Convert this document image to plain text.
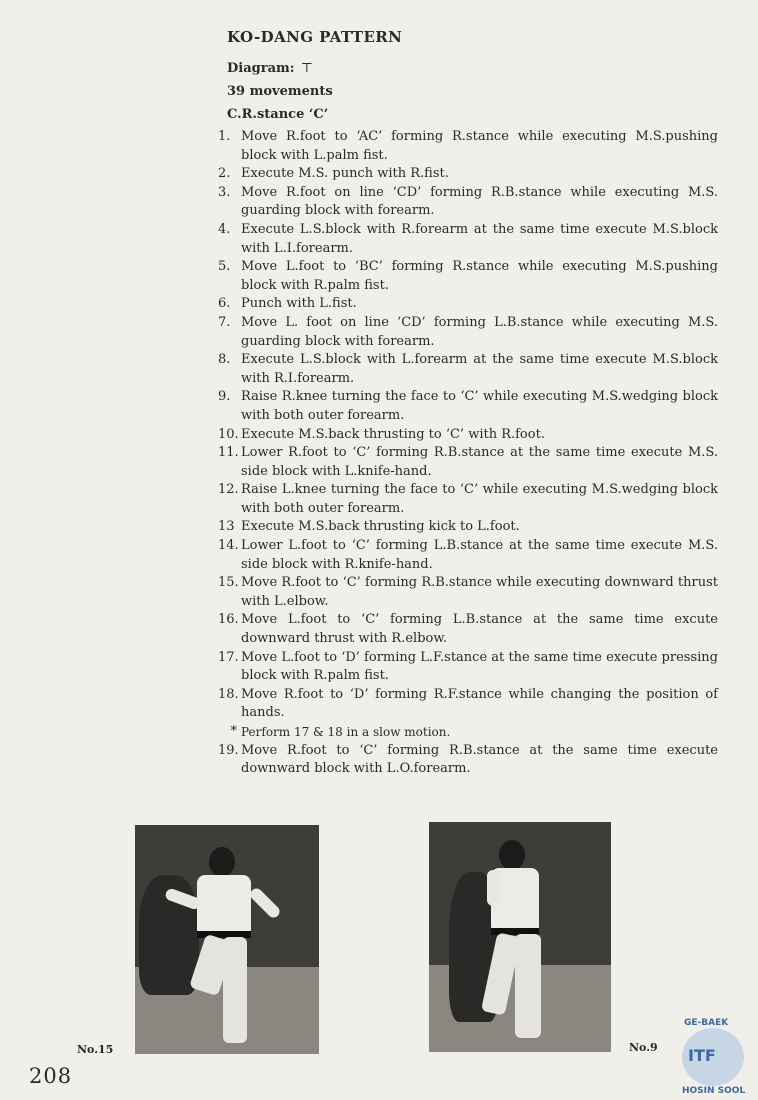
KO-DANG PATTERN
Diagram: ⊤
39 movements
C.R.stance ‘C’
1. Move R.foot to ‘AC’ forming R.stance while executing M.S.pushing block with L.palm fist.
2. Execute M.S. punch with R.fist.
3. Move R.foot on line ‘CD’ forming R.B.stance while executing M.S. guarding block with forearm.
4. Execute L.S.block with R.forearm at the same time execute M.S.block with L.I.forearm.
5. Move L.foot to ‘BC’ forming R.stance while executing M.S.pushing block with R.palm fist.
6. Punch with L.fist.
7. Move L. foot on line ‘CD’ forming L.B.stance while executing M.S. guarding block with forearm.
8. Execute L.S.block with L.forearm at the same time execute M.S.block with R.I.forearm.
9. Raise R.knee turning the face to ‘C’ while executing M.S.wedging block with both outer forearm.
10. Execute M.S.back thrusting to ‘C’ with R.foot.
11. Lower R.foot to ‘C’ forming R.B.stance at the same time execute M.S. side block with L.knife-hand.
12. Raise L.knee turning the face to ‘C’ while executing M.S.wedging block with both outer forearm.
13 Execute M.S.back thrusting kick to L.foot.
14. Lower L.foot to ‘C’ forming L.B.stance at the same time execute M.S. side block with R.knife-hand.
15. Move R.foot to ‘C’ forming R.B.stance while executing downward thrust with L.elbow.
16. Move L.foot to ‘C’ forming L.B.stance at the same time excute downward thrust with R.elbow.
17. Move L.foot to ‘D’ forming L.F.stance at the same time execute pressing block with R.palm fist.
18. Move R.foot to ‘D’ forming R.F.stance while changing the position of hands.
* Perform 17 & 18 in a slow motion.
19. Move R.foot to ‘C’ forming R.B.stance at the same time execute downward block with L.O.forearm.
No.15	No.9
208
GE-BAEK
ITF
HOSIN SOOL
